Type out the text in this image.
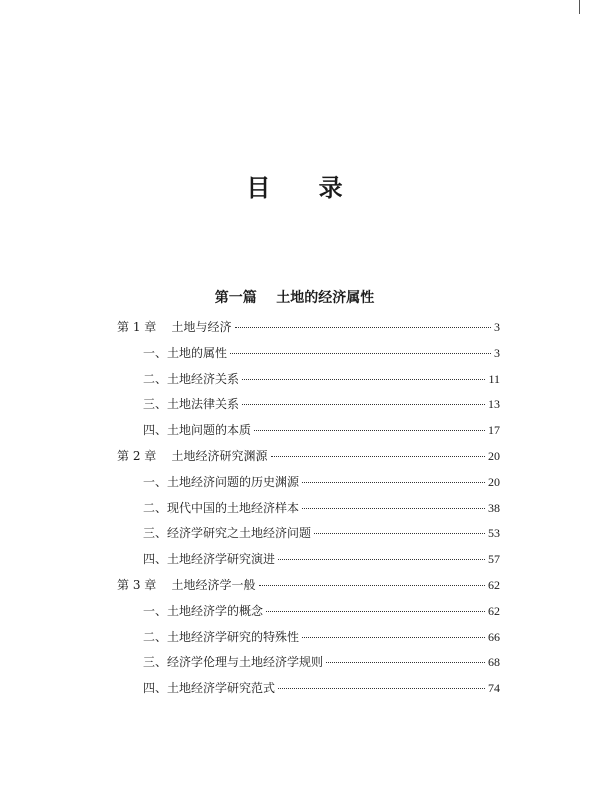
目 录
第一篇    土地的经济属性
第 1 章    土地与经济	3
一、土地的属性	3
二、土地经济关系	11
三、土地法律关系	13
四、土地问题的本质	17
第 2 章    土地经济研究渊源	20
一、土地经济问题的历史渊源	20
二、现代中国的土地经济样本	38
三、经济学研究之土地经济问题	53
四、土地经济学研究演进	57
第 3 章    土地经济学一般	62
一、土地经济学的概念	62
二、土地经济学研究的特殊性	66
三、经济学伦理与土地经济学规则	68
四、土地经济学研究范式	74
